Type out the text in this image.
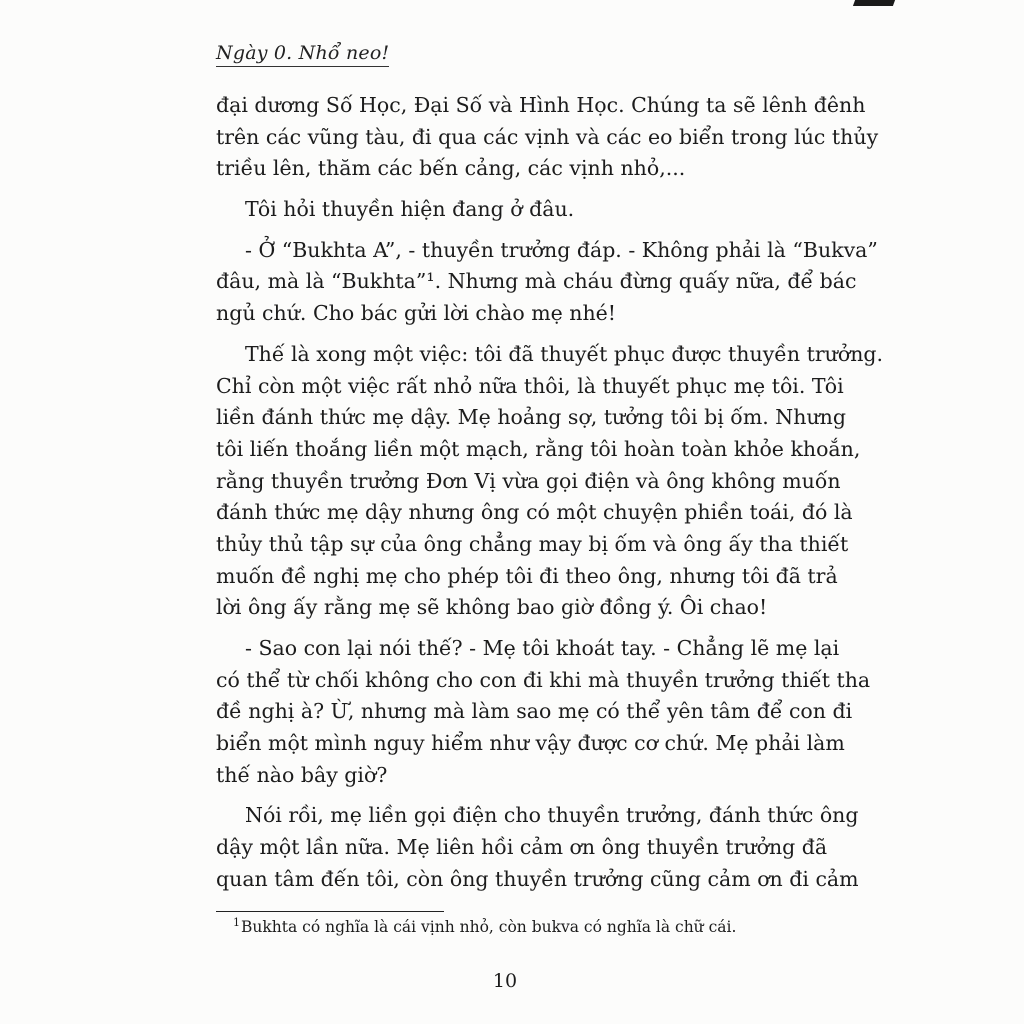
Ngày 0. Nhổ neo!
đại dương Số Học, Đại Số và Hình Học. Chúng ta sẽ lênh đênh
trên các vũng tàu, đi qua các vịnh và các eo biển trong lúc thủy
triều lên, thăm các bến cảng, các vịnh nhỏ,...
Tôi hỏi thuyền hiện đang ở đâu.
- Ở “Bukhta A”, - thuyền trưởng đáp. - Không phải là “Bukva”
đâu, mà là “Bukhta”¹. Nhưng mà cháu đừng quấy nữa, để bác
ngủ chứ. Cho bác gửi lời chào mẹ nhé!
Thế là xong một việc: tôi đã thuyết phục được thuyền trưởng.
Chỉ còn một việc rất nhỏ nữa thôi, là thuyết phục mẹ tôi. Tôi
liền đánh thức mẹ dậy. Mẹ hoảng sợ, tưởng tôi bị ốm. Nhưng
tôi liến thoắng liền một mạch, rằng tôi hoàn toàn khỏe khoắn,
rằng thuyền trưởng Đơn Vị vừa gọi điện và ông không muốn
đánh thức mẹ dậy nhưng ông có một chuyện phiền toái, đó là
thủy thủ tập sự của ông chẳng may bị ốm và ông ấy tha thiết
muốn đề nghị mẹ cho phép tôi đi theo ông, nhưng tôi đã trả
lời ông ấy rằng mẹ sẽ không bao giờ đồng ý. Ôi chao!
- Sao con lại nói thế? - Mẹ tôi khoát tay. - Chẳng lẽ mẹ lại
có thể từ chối không cho con đi khi mà thuyền trưởng thiết tha
đề nghị à? Ừ, nhưng mà làm sao mẹ có thể yên tâm để con đi
biển một mình nguy hiểm như vậy được cơ chứ. Mẹ phải làm
thế nào bây giờ?
Nói rồi, mẹ liền gọi điện cho thuyền trưởng, đánh thức ông
dậy một lần nữa. Mẹ liên hồi cảm ơn ông thuyền trưởng đã
quan tâm đến tôi, còn ông thuyền trưởng cũng cảm ơn đi cảm
$^1$Bukhta có nghĩa là cái vịnh nhỏ, còn bukva có nghĩa là chữ cái.
10
